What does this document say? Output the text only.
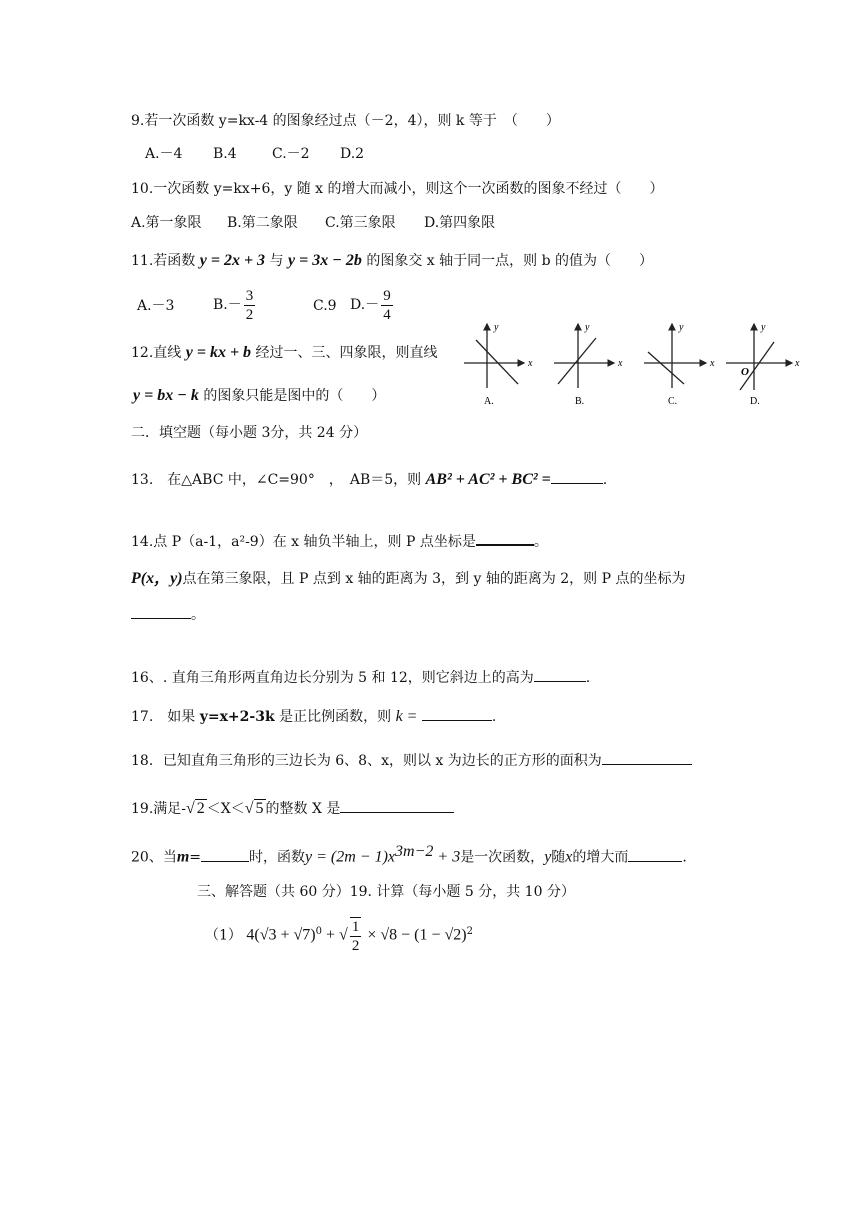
9.若一次函数 y=kx-4 的图象经过点（－2，4），则 k 等于　（　　）
A.－4 B.4	C.－2 D.2
10.一次函数 y=kx+6，y 随 x 的增大而减小，则这个一次函数的图象不经过（　　）
A.第一象限 B.第二象限 C.第三象限 D.第四象限
11.若函数 y = 2x + 3 与 y = 3x − 2b 的图象交 x 轴于同一点，则 b 的值为（　　）
A.－3	$B.- \frac{3}{2}$	C.9 $D.- \frac{9}{4}$
12.直线 y = kx + b 经过一、三、四象限，则直线
y = bx − k 的图象只能是图中的（　　）
y
x
A.
y
x
B.
y
x
C.
y
x
O
D.
二．填空题（每小题 3分，共 24 分）
13.　在△ABC 中，∠C=90°　，　AB＝5，则 AB² + AC² + BC² =	.
14.点 P（a-1，a²-9）在 x 轴负半轴上，则 P 点坐标是	。
P(x，y)点在第三象限，且 P 点到 x 轴的距离为 3，到 y 轴的距离为 2，则 P 点的坐标为
。
16、. 直角三角形两直角边长分别为 5 和 12，则它斜边上的高为	.
17.　如果 y=x+2-3k 是正比例函数，则 k =	.
18．已知直角三角形的三边长为 6、8、x，则以 x 为边长的正方形的面积为
19.满足-√ 2 ＜X＜√ 5 的整数 X 是
20、当m=	时，函数$y = (2m - 1)x^{3m-2} + 3$是一次函数，y随x的增大而	.
三、解答题（共 60 分）19. 计算（每小题 5 分，共 10 分）
（1） $4(√3 + √7)^0$ + √ $\frac{1}{2} \times √8 - (1 - √2)^2$
